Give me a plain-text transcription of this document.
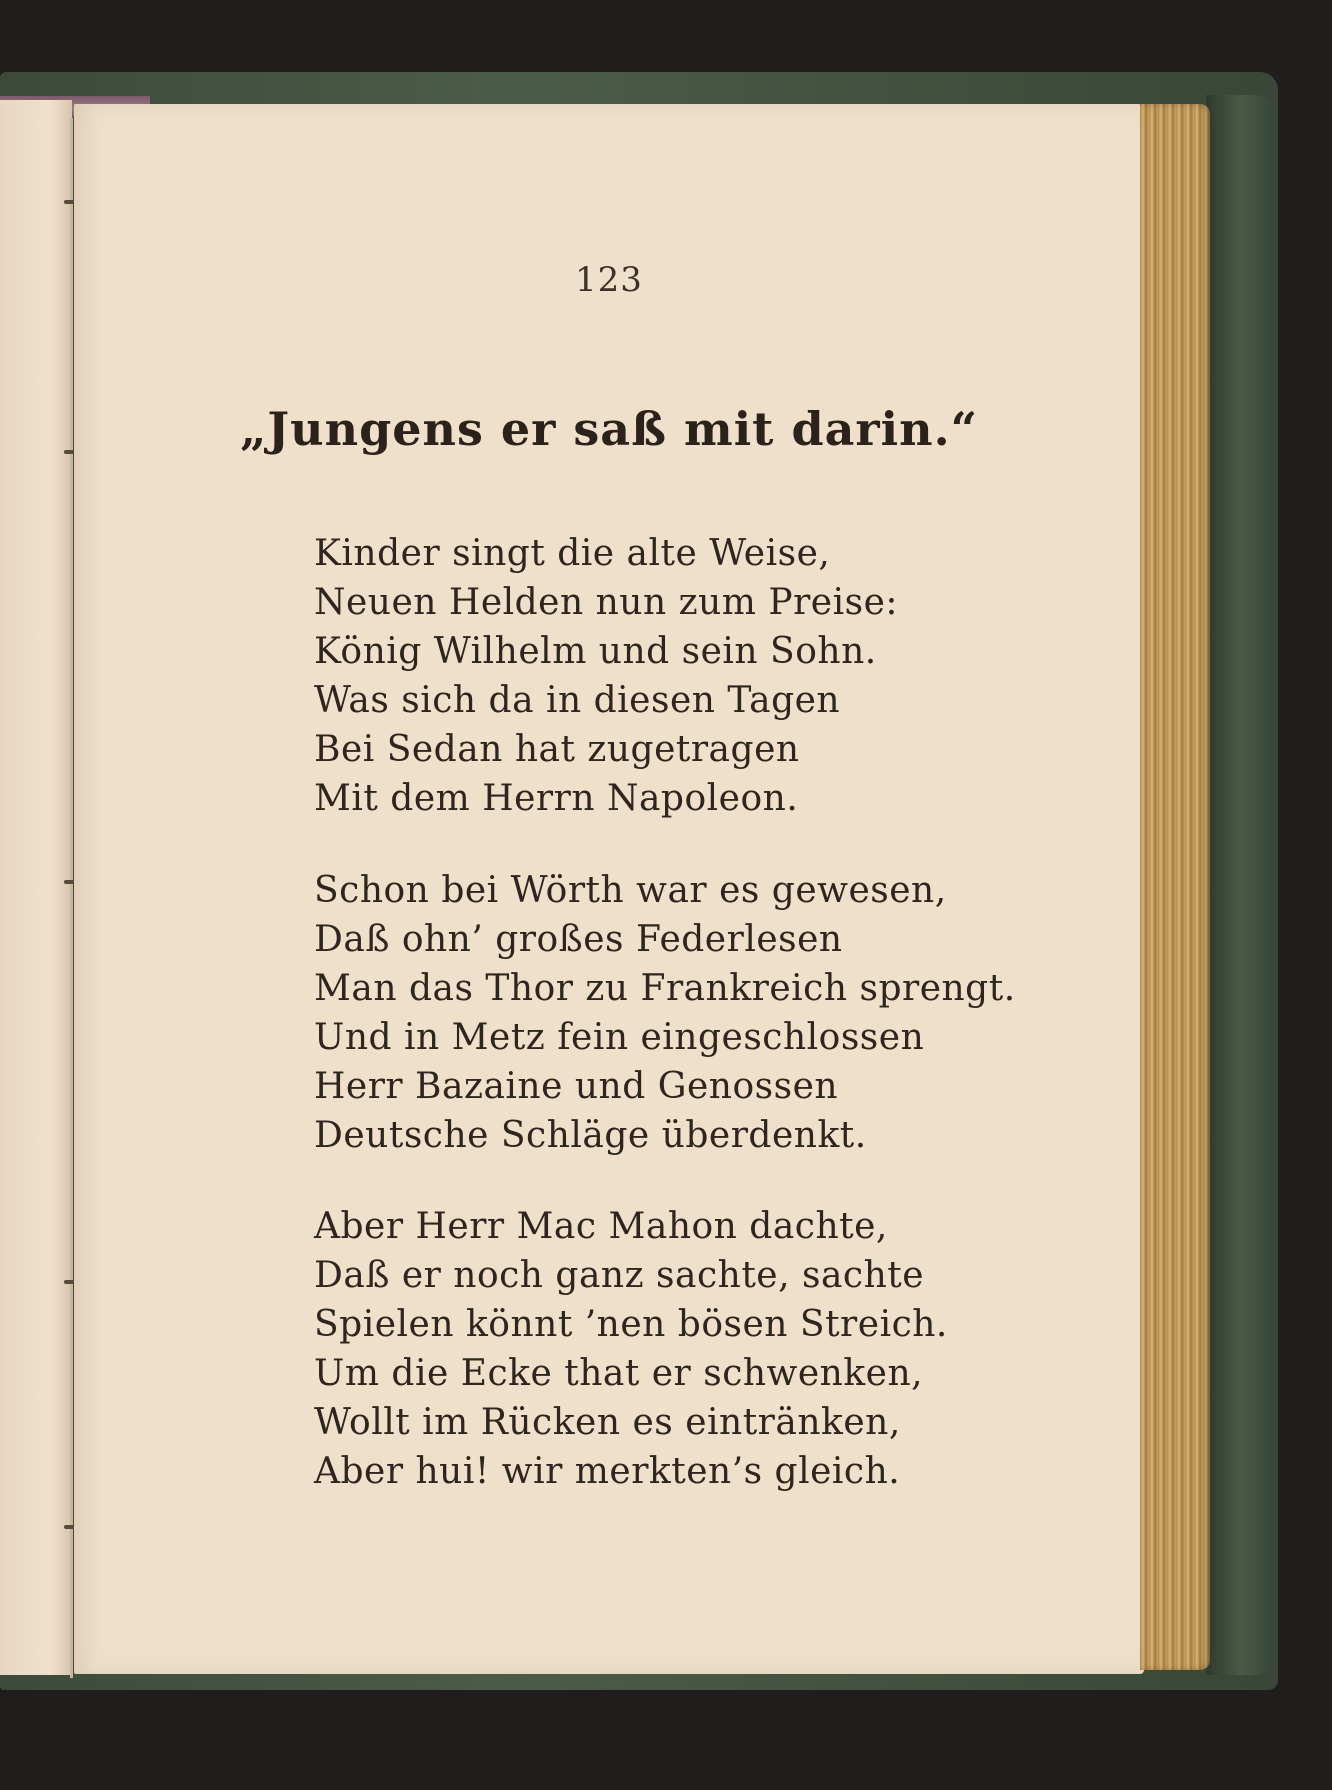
123
„Jungens er saß mit darin.“
Kinder singt die alte Weise,
Neuen Helden nun zum Preise:
König Wilhelm und sein Sohn.
Was sich da in diesen Tagen
Bei Sedan hat zugetragen
Mit dem Herrn Napoleon.
Schon bei Wörth war es gewesen,
Daß ohn’ großes Federlesen
Man das Thor zu Frankreich sprengt.
Und in Metz fein eingeschlossen
Herr Bazaine und Genossen
Deutsche Schläge überdenkt.
Aber Herr Mac Mahon dachte,
Daß er noch ganz sachte, sachte
Spielen könnt ’nen bösen Streich.
Um die Ecke that er schwenken,
Wollt im Rücken es eintränken,
Aber hui! wir merkten’s gleich.
